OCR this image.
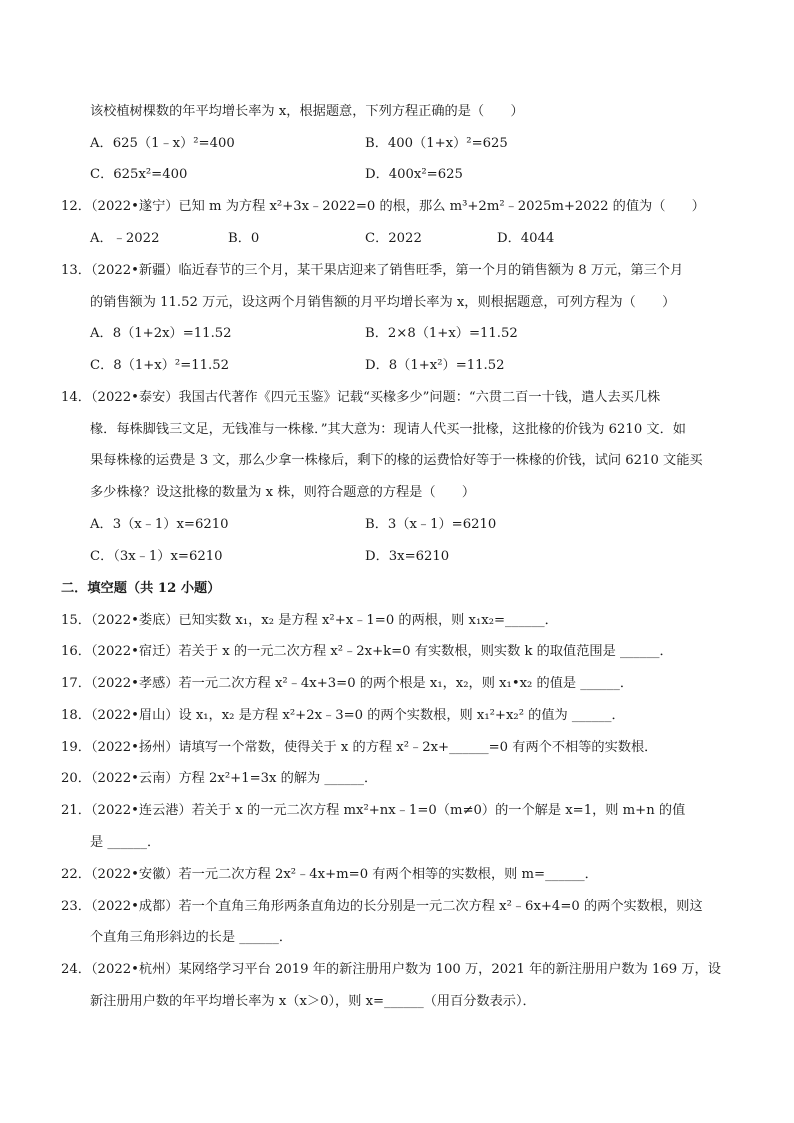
该校植树棵数的年平均增长率为 x，根据题意，下列方程正确的是（　　）
A．625（1﹣x）²=400	B．400（1+x）²=625
C．625x²=400	D．400x²=625
12．（2022•遂宁）已知 m 为方程 x²+3x﹣2022=0 的根，那么 m³+2m²﹣2025m+2022 的值为（　　）
A．﹣2022	B．0	C．2022	D．4044
13．（2022•新疆）临近春节的三个月，某干果店迎来了销售旺季，第一个月的销售额为 8 万元，第三个月
的销售额为 11.52 万元，设这两个月销售额的月平均增长率为 x，则根据题意，可列方程为（　　）
A．8（1+2x）=11.52	B．2×8（1+x）=11.52
C．8（1+x）²=11.52	D．8（1+x²）=11.52
14．（2022•泰安）我国古代著作《四元玉鉴》记载“买椽多少”问题：“六贯二百一十钱，遣人去买几株
椽．每株脚钱三文足，无钱准与一株椽．”其大意为：现请人代买一批椽，这批椽的价钱为 6210 文．如
果每株椽的运费是 3 文，那么少拿一株椽后，剩下的椽的运费恰好等于一株椽的价钱，试问 6210 文能买
多少株椽？设这批椽的数量为 x 株，则符合题意的方程是（　　）
A．3（x﹣1）x=6210	B．3（x﹣1）=6210
C．（3x﹣1）x=6210	D．3x=6210
二．填空题（共 12 小题）
15．（2022•娄底）已知实数 x₁，x₂ 是方程 x²+x﹣1=0 的两根，则 x₁x₂=______．
16．（2022•宿迁）若关于 x 的一元二次方程 x²﹣2x+k=0 有实数根，则实数 k 的取值范围是 ______．
17．（2022•孝感）若一元二次方程 x²﹣4x+3=0 的两个根是 x₁，x₂，则 x₁•x₂ 的值是 ______．
18．（2022•眉山）设 x₁，x₂ 是方程 x²+2x﹣3=0 的两个实数根，则 x₁²+x₂² 的值为 ______．
19．（2022•扬州）请填写一个常数，使得关于 x 的方程 x²﹣2x+______=0 有两个不相等的实数根．
20．（2022•云南）方程 2x²+1=3x 的解为 ______．
21．（2022•连云港）若关于 x 的一元二次方程 mx²+nx﹣1=0（m≠0）的一个解是 x=1，则 m+n 的值
是 ______．
22．（2022•安徽）若一元二次方程 2x²﹣4x+m=0 有两个相等的实数根，则 m=______．
23．（2022•成都）若一个直角三角形两条直角边的长分别是一元二次方程 x²﹣6x+4=0 的两个实数根，则这
个直角三角形斜边的长是 ______．
24．（2022•杭州）某网络学习平台 2019 年的新注册用户数为 100 万，2021 年的新注册用户数为 169 万，设
新注册用户数的年平均增长率为 x（x＞0），则 x=______（用百分数表示）．
